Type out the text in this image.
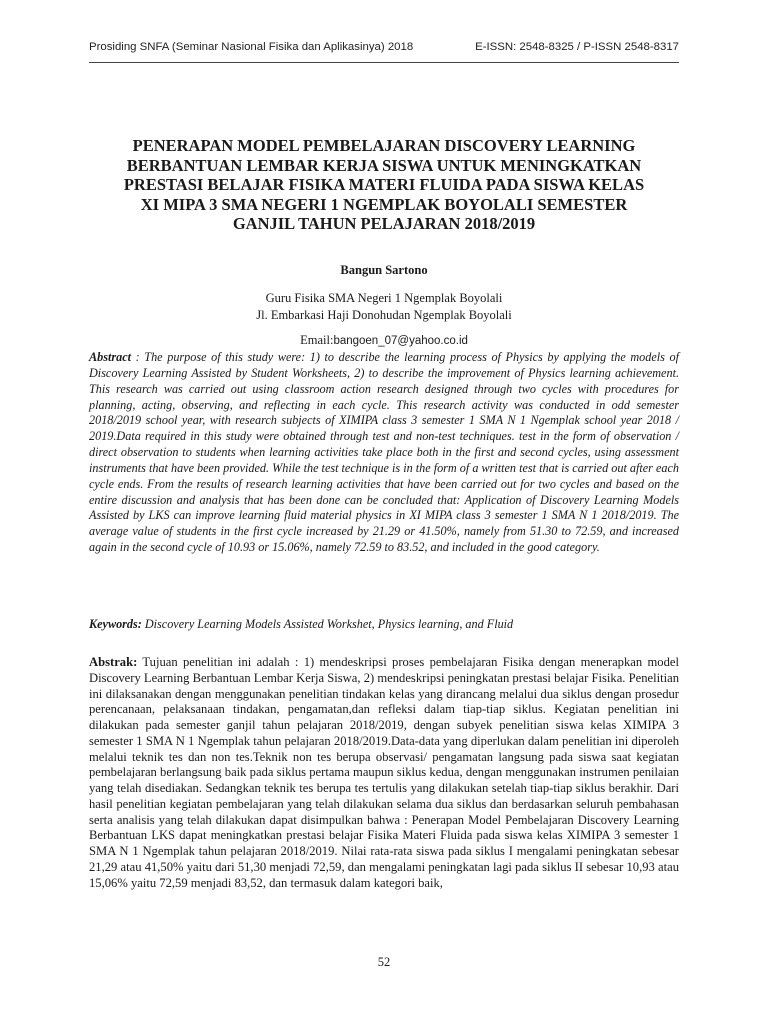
Prosiding SNFA (Seminar Nasional Fisika dan Aplikasinya) 2018	E-ISSN: 2548-8325 / P-ISSN 2548-8317
PENERAPAN MODEL PEMBELAJARAN DISCOVERY LEARNING
BERBANTUAN LEMBAR KERJA SISWA UNTUK MENINGKATKAN
PRESTASI BELAJAR FISIKA MATERI FLUIDA PADA SISWA KELAS
XI MIPA 3 SMA NEGERI 1 NGEMPLAK BOYOLALI SEMESTER
GANJIL TAHUN PELAJARAN 2018/2019
Bangun Sartono
Guru Fisika SMA Negeri 1 Ngemplak Boyolali
Jl. Embarkasi Haji Donohudan Ngemplak Boyolali
Email:bangoen_07@yahoo.co.id

Abstract : The purpose of this study were: 1) to describe the learning process of Physics by applying the models of Discovery Learning Assisted by Student Worksheets, 2) to describe the improvement of Physics learning achievement. This research was carried out using classroom action research designed through two cycles with procedures for planning, acting, observing, and reflecting in each cycle. This research activity was conducted in odd semester 2018/2019 school year, with research subjects of XIMIPA class 3 semester 1 SMA N 1 Ngemplak school year 2018 / 2019.Data required in this study were obtained through test and non-test techniques. test in the form of observation / direct observation to students when learning activities take place both in the first and second cycles, using assessment instruments that have been provided. While the test technique is in the form of a written test that is carried out after each cycle ends. From the results of research learning activities that have been carried out for two cycles and based on the entire discussion and analysis that has been done can be concluded that: Application of Discovery Learning Models Assisted by LKS can improve learning fluid material physics in XI MIPA class 3 semester 1 SMA N 1 2018/2019. The average value of students in the first cycle increased by 21.29 or 41.50%, namely from 51.30 to 72.59, and increased again in the second cycle of 10.93 or 15.06%, namely 72.59 to 83.52, and included in the good category.

Keywords: Discovery Learning Models Assisted Workshet, Physics learning, and Fluid

Abstrak: Tujuan penelitian ini adalah : 1) mendeskripsi proses pembelajaran Fisika dengan menerapkan model Discovery Learning Berbantuan Lembar Kerja Siswa, 2) mendeskripsi peningkatan prestasi belajar Fisika. Penelitian ini dilaksanakan dengan menggunakan penelitian tindakan kelas yang dirancang melalui dua siklus dengan prosedur perencanaan, pelaksanaan tindakan, pengamatan,dan refleksi dalam tiap-tiap siklus. Kegiatan penelitian ini dilakukan pada semester ganjil tahun pelajaran 2018/2019, dengan subyek penelitian siswa kelas XIMIPA 3 semester 1 SMA N 1 Ngemplak tahun pelajaran 2018/2019.Data-data yang diperlukan dalam penelitian ini diperoleh melalui teknik tes dan non tes.Teknik non tes berupa observasi/ pengamatan langsung pada siswa saat kegiatan pembelajaran berlangsung baik pada siklus pertama maupun siklus kedua, dengan menggunakan instrumen penilaian yang telah disediakan. Sedangkan teknik tes berupa tes tertulis yang dilakukan setelah tiap-tiap siklus berakhir. Dari hasil penelitian kegiatan pembelajaran yang telah dilakukan selama dua siklus dan berdasarkan seluruh pembahasan serta analisis yang telah dilakukan dapat disimpulkan bahwa : Penerapan Model Pembelajaran Discovery Learning Berbantuan LKS dapat meningkatkan prestasi belajar Fisika Materi Fluida pada siswa kelas XIMIPA 3 semester 1 SMA N 1 Ngemplak tahun pelajaran 2018/2019. Nilai rata-rata siswa pada siklus I mengalami peningkatan sebesar 21,29 atau 41,50% yaitu dari 51,30 menjadi 72,59, dan mengalami peningkatan lagi pada siklus II sebesar 10,93 atau 15,06% yaitu 72,59 menjadi 83,52, dan termasuk dalam kategori baik,

52
